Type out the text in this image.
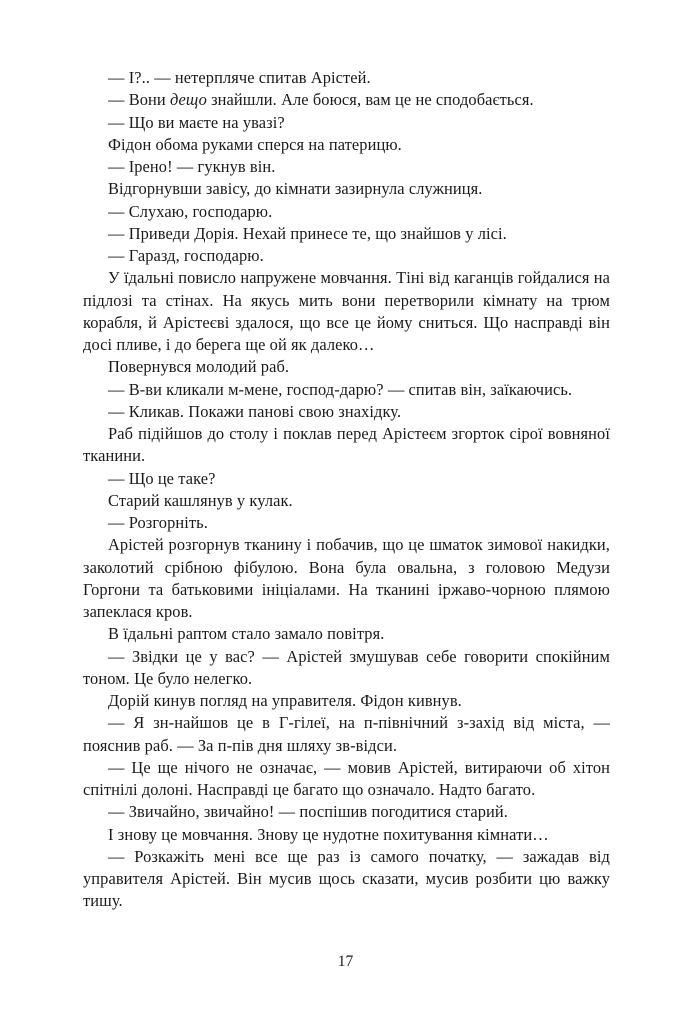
— І?.. — нетерпляче спитав Арістей.

— Вони дещо знайшли. Але боюся, вам це не сподобається.

— Що ви маєте на увазі?

Фідон обома руками сперся на патерицю.

— Ірено! — гукнув він.

Відгорнувши завісу, до кімнати зазирнула служниця.

— Слухаю, господарю.

— Приведи Дорія. Нехай принесе те, що знайшов у лісі.

— Гаразд, господарю.

У їдальні повисло напружене мовчання. Тіні від каганців гойдалися на підлозі та стінах. На якусь мить вони перетворили кімнату на трюм корабля, й Арістеєві здалося, що все це йому сниться. Що насправді він досі пливе, і до берега ще ой як далеко…

Повернувся молодий раб.

— В-ви кликали м-мене, господ-дарю? — спитав він, заїкаючись.

— Кликав. Покажи панові свою знахідку.

Раб підійшов до столу і поклав перед Арістеєм згорток сірої вовняної тканини.

— Що це таке?

Старий кашлянув у кулак.

— Розгорніть.

Арістей розгорнув тканину і побачив, що це шматок зимової накидки, заколотий срібною фібулою. Вона була овальна, з головою Медузи Горгони та батьковими ініціалами. На тканині іржаво-чорною плямою запеклася кров.

В їдальні раптом стало замало повітря.

— Звідки це у вас? — Арістей змушував себе говорити спокійним тоном. Це було нелегко.

Дорій кинув погляд на управителя. Фідон кивнув.

— Я зн-найшов це в Г-гілеї, на п-північний з-захід від міста, — пояснив раб. — За п-пів дня шляху зв-відси.

— Це ще нічого не означає, — мовив Арістей, витираючи об хітон спітнілі долоні. Насправді це багато що означало. Надто багато.

— Звичайно, звичайно! — поспішив погодитися старий.

І знову це мовчання. Знову це нудотне похитування кімнати…

— Розкажіть мені все ще раз із самого початку, — зажадав від управителя Арістей. Він мусив щось сказати, мусив розбити цю важку тишу.

17
